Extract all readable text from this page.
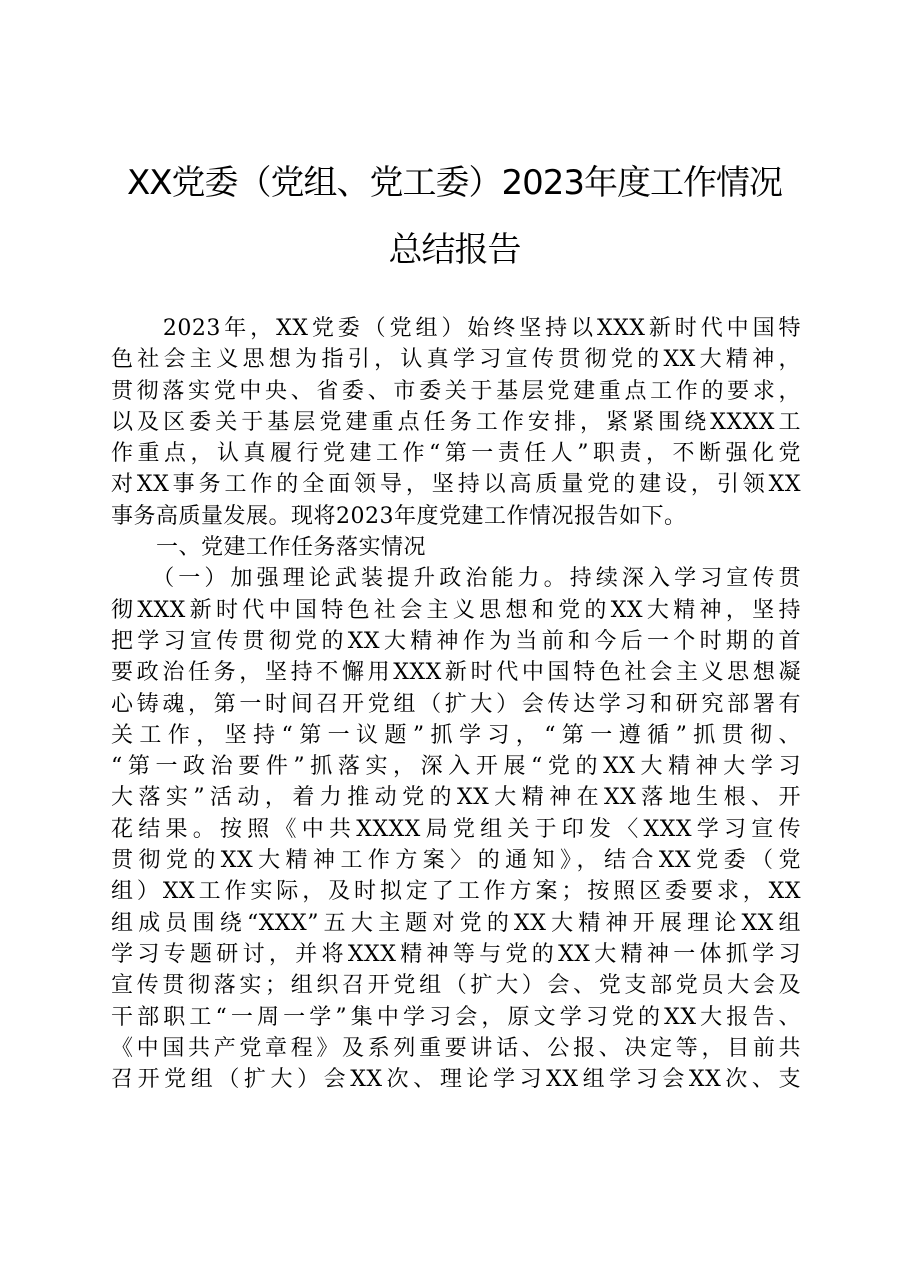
XX党委（党组、党工委）2023年度工作情况
总结报告
　　2023年，XX党委（党组）始终坚持以XXX新时代中国特
色社会主义思想为指引，认真学习宣传贯彻党的XX大精神，
贯彻落实党中央、省委、市委关于基层党建重点工作的要求，
以及区委关于基层党建重点任务工作安排，紧紧围绕XXXX工
作重点，认真履行党建工作“第一责任人”职责，不断强化党
对XX事务工作的全面领导，坚持以高质量党的建设，引领XX
事务高质量发展。现将2023年度党建工作情况报告如下。
　　一、党建工作任务落实情况
　　（一）加强理论武装提升政治能力。持续深入学习宣传贯
彻XXX新时代中国特色社会主义思想和党的XX大精神，坚持
把学习宣传贯彻党的XX大精神作为当前和今后一个时期的首
要政治任务，坚持不懈用XXX新时代中国特色社会主义思想凝
心铸魂，第一时间召开党组（扩大）会传达学习和研究部署有
关工作，坚持“第一议题”抓学习，“第一遵循”抓贯彻、
“第一政治要件”抓落实，深入开展“党的XX大精神大学习
大落实”活动，着力推动党的XX大精神在XX落地生根、开
花结果。按照《中共XXXX局党组关于印发〈XXX学习宣传
贯彻党的XX大精神工作方案〉的通知》，结合XX党委（党
组）XX工作实际，及时拟定了工作方案；按照区委要求，XX
组成员围绕“XXX”五大主题对党的XX大精神开展理论XX组
学习专题研讨，并将XXX精神等与党的XX大精神一体抓学习
宣传贯彻落实；组织召开党组（扩大）会、党支部党员大会及
干部职工“一周一学”集中学习会，原文学习党的XX大报告、
《中国共产党章程》及系列重要讲话、公报、决定等，目前共
召开党组（扩大）会XX次、理论学习XX组学习会XX次、支
